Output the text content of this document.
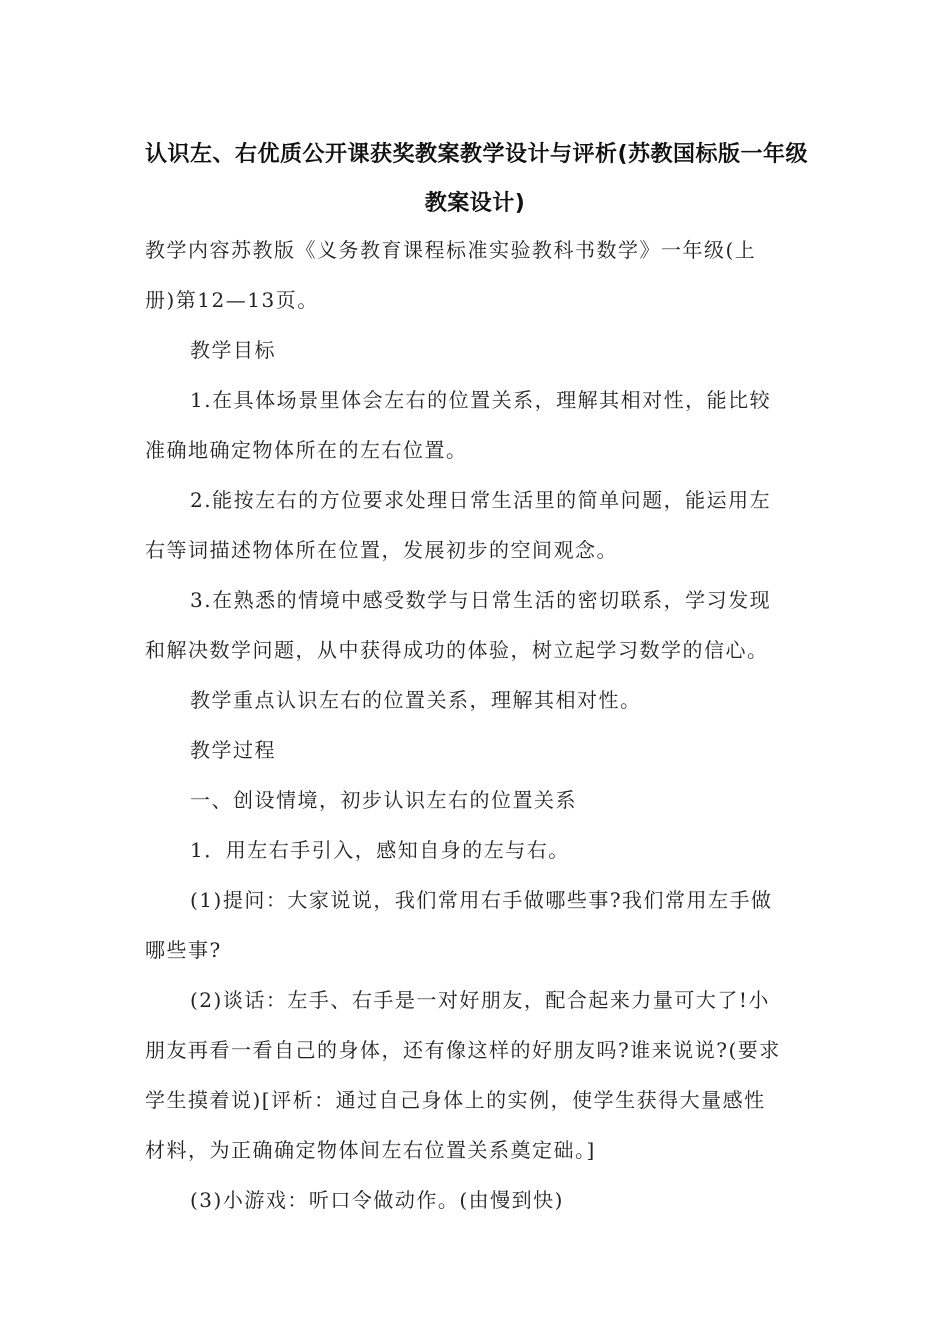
认识左、右优质公开课获奖教案教学设计与评析(苏教国标版一年级
教案设计)
教学内容苏教版《义务教育课程标准实验教科书数学》一年级(上
册)第12—13页。
教学目标
1.在具体场景里体会左右的位置关系，理解其相对性，能比较
准确地确定物体所在的左右位置。
2.能按左右的方位要求处理日常生活里的简单问题，能运用左
右等词描述物体所在位置，发展初步的空间观念。
3.在熟悉的情境中感受数学与日常生活的密切联系，学习发现
和解决数学问题，从中获得成功的体验，树立起学习数学的信心。
教学重点认识左右的位置关系，理解其相对性。
教学过程
一、创设情境，初步认识左右的位置关系
1．用左右手引入，感知自身的左与右。
(1)提问：大家说说，我们常用右手做哪些事?我们常用左手做
哪些事?
(2)谈话：左手、右手是一对好朋友，配合起来力量可大了!小
朋友再看一看自己的身体，还有像这样的好朋友吗?谁来说说?(要求
学生摸着说)[评析：通过自己身体上的实例，使学生获得大量感性
材料，为正确确定物体间左右位置关系奠定础。]
(3)小游戏：听口令做动作。(由慢到快)
